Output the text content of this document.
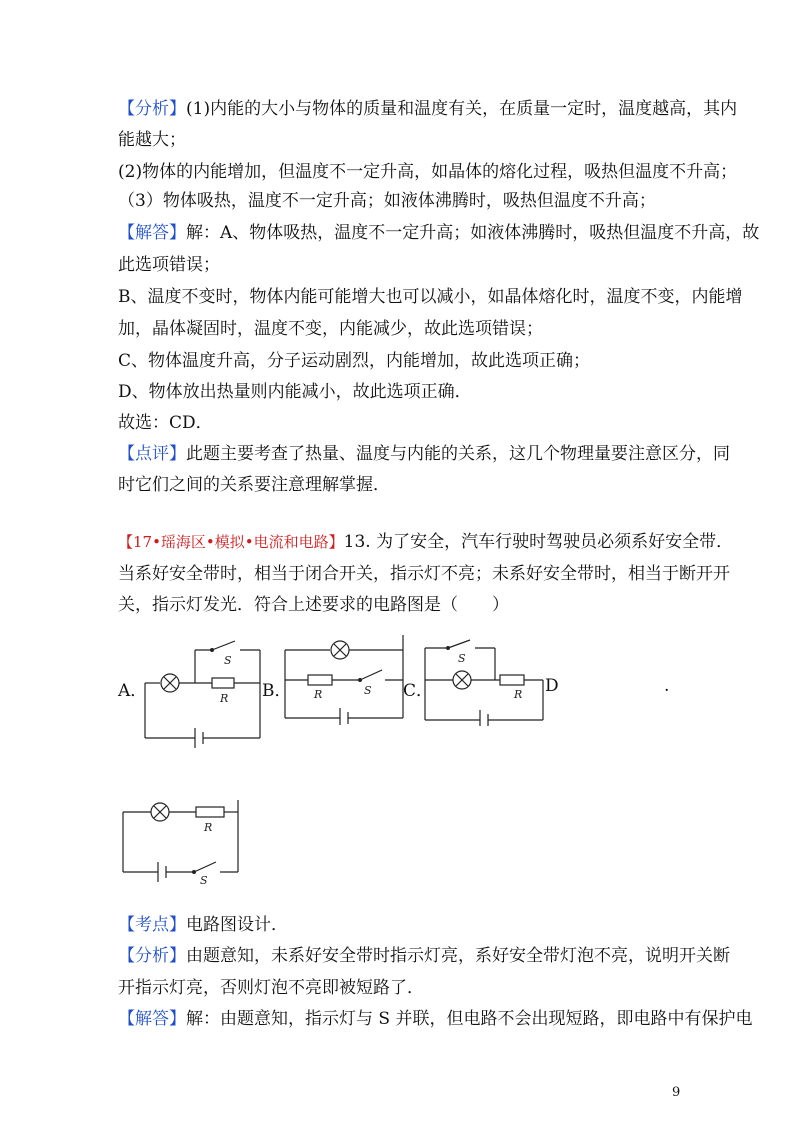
【分析】(1)内能的大小与物体的质量和温度有关，在质量一定时，温度越高，其内
能越大；
(2)物体的内能增加，但温度不一定升高，如晶体的熔化过程，吸热但温度不升高；
（3）物体吸热，温度不一定升高；如液体沸腾时，吸热但温度不升高；
【解答】解：A、物体吸热，温度不一定升高；如液体沸腾时，吸热但温度不升高，故
此选项错误；
B、温度不变时，物体内能可能增大也可以减小，如晶体熔化时，温度不变，内能增
加，晶体凝固时，温度不变，内能减少，故此选项错误；
C、物体温度升高，分子运动剧烈，内能增加，故此选项正确；
D、物体放出热量则内能减小，故此选项正确．
故选：CD．
【点评】此题主要考查了热量、温度与内能的关系，这几个物理量要注意区分，同
时它们之间的关系要注意理解掌握．
【17•瑶海区•模拟•电流和电路】13. 为了安全，汽车行驶时驾驶员必须系好安全带．
当系好安全带时，相当于闭合开关，指示灯不亮；未系好安全带时，相当于断开开
关，指示灯发光．符合上述要求的电路图是（　　）
A．	B．	C．	D	.
S
R
S
R
S
R
S
R
【考点】电路图设计．
【分析】由题意知，未系好安全带时指示灯亮，系好安全带灯泡不亮，说明开关断
开指示灯亮，否则灯泡不亮即被短路了．
【解答】解：由题意知，指示灯与 S 并联，但电路不会出现短路，即电路中有保护电
9
